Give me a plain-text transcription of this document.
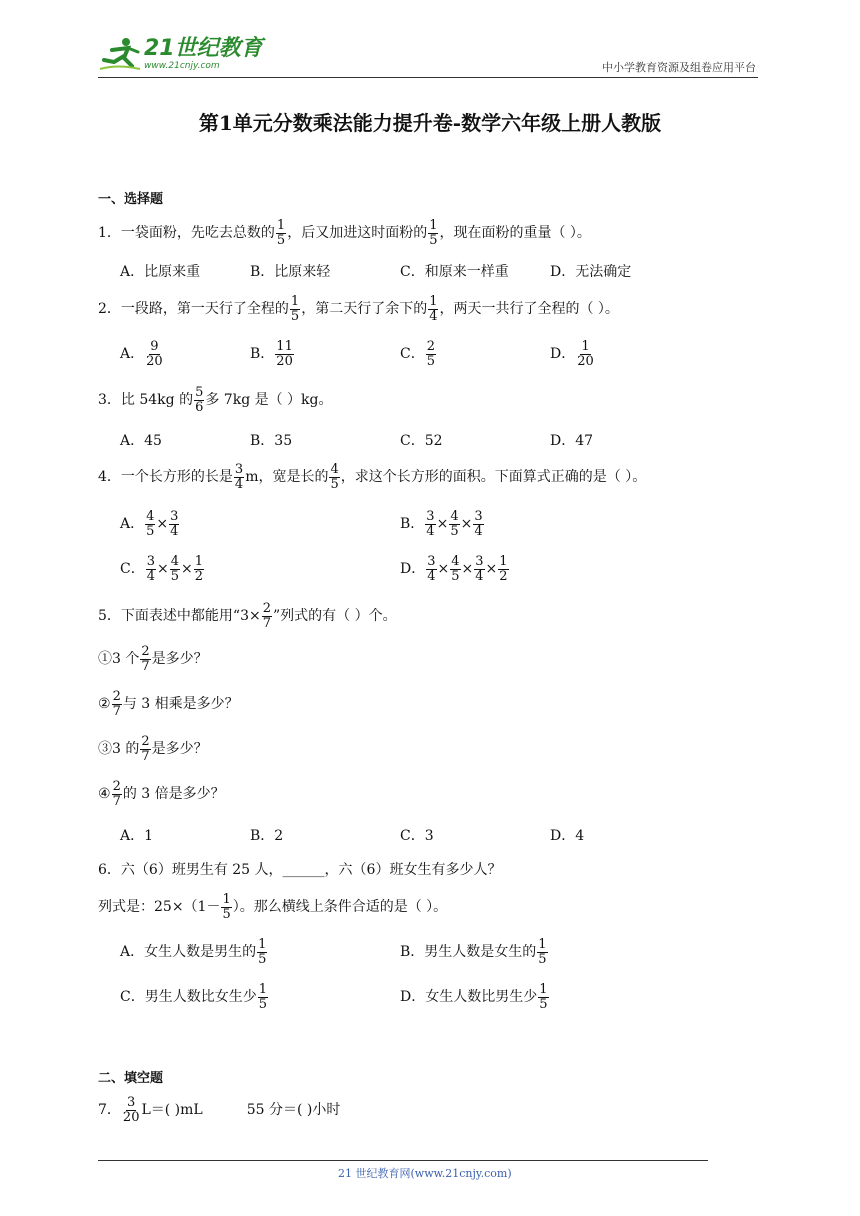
21世纪教育
www.21cnjy.com	中小学教育资源及组卷应用平台
第1单元分数乘法能力提升卷-数学六年级上册人教版
一、选择题
1．一袋面粉，先吃去总数的 $\frac{1}{5}$ ，后又加进这时面粉的 $\frac{1}{5}$ ，现在面粉的重量（ ）。
A．比原来重	B．比原来轻	C．和原来一样重	D．无法确定
2．一段路，第一天行了全程的 $\frac{1}{5}$ ，第二天行了余下的 $\frac{1}{4}$ ，两天一共行了全程的（ ）。
A． $\frac{9}{20}$	B． $\frac{11}{20}$	C． $\frac{2}{5}$	D． $\frac{1}{20}$
3．比 54kg 的 $\frac{5}{6}$ 多 7kg 是（ ）kg。
A．45	B．35	C．52	D．47
4．一个长方形的长是 $\frac{3}{4}$ m，宽是长的 $\frac{4}{5}$ ，求这个长方形的面积。下面算式正确的是（ ）。
A． $\frac{4}{5} \times \frac{3}{4}$	B． $\frac{3}{4} \times \frac{4}{5} \times \frac{3}{4}$
C． $\frac{3}{4} \times \frac{4}{5} \times \frac{1}{2}$	D． $\frac{3}{4} \times \frac{4}{5} \times \frac{3}{4} \times \frac{1}{2}$
5．下面表述中都能用“$3\times \frac{2}{7}$ ”列式的有（ ）个。
①3 个 $\frac{2}{7}$ 是多少？
② $\frac{2}{7}$ 与 3 相乘是多少？
③3 的 $\frac{2}{7}$ 是多少？
④ $\frac{2}{7}$ 的 3 倍是多少？
A．1	B．2	C．3	D．4
6．六（6）班男生有 25 人，______，六（6）班女生有多少人？
列式是：$25\times(1- \frac{1}{5}$ ）。那么横线上条件合适的是（ ）。
A．女生人数是男生的 $\frac{1}{5}$	B．男生人数是女生的 $\frac{1}{5}$
C．男生人数比女生少 $\frac{1}{5}$	D．女生人数比男生少 $\frac{1}{5}$
二、填空题
7． $\frac{3}{20} L=$( )mL	55 分＝( )小时
21 世纪教育网(www.21cnjy.com)
